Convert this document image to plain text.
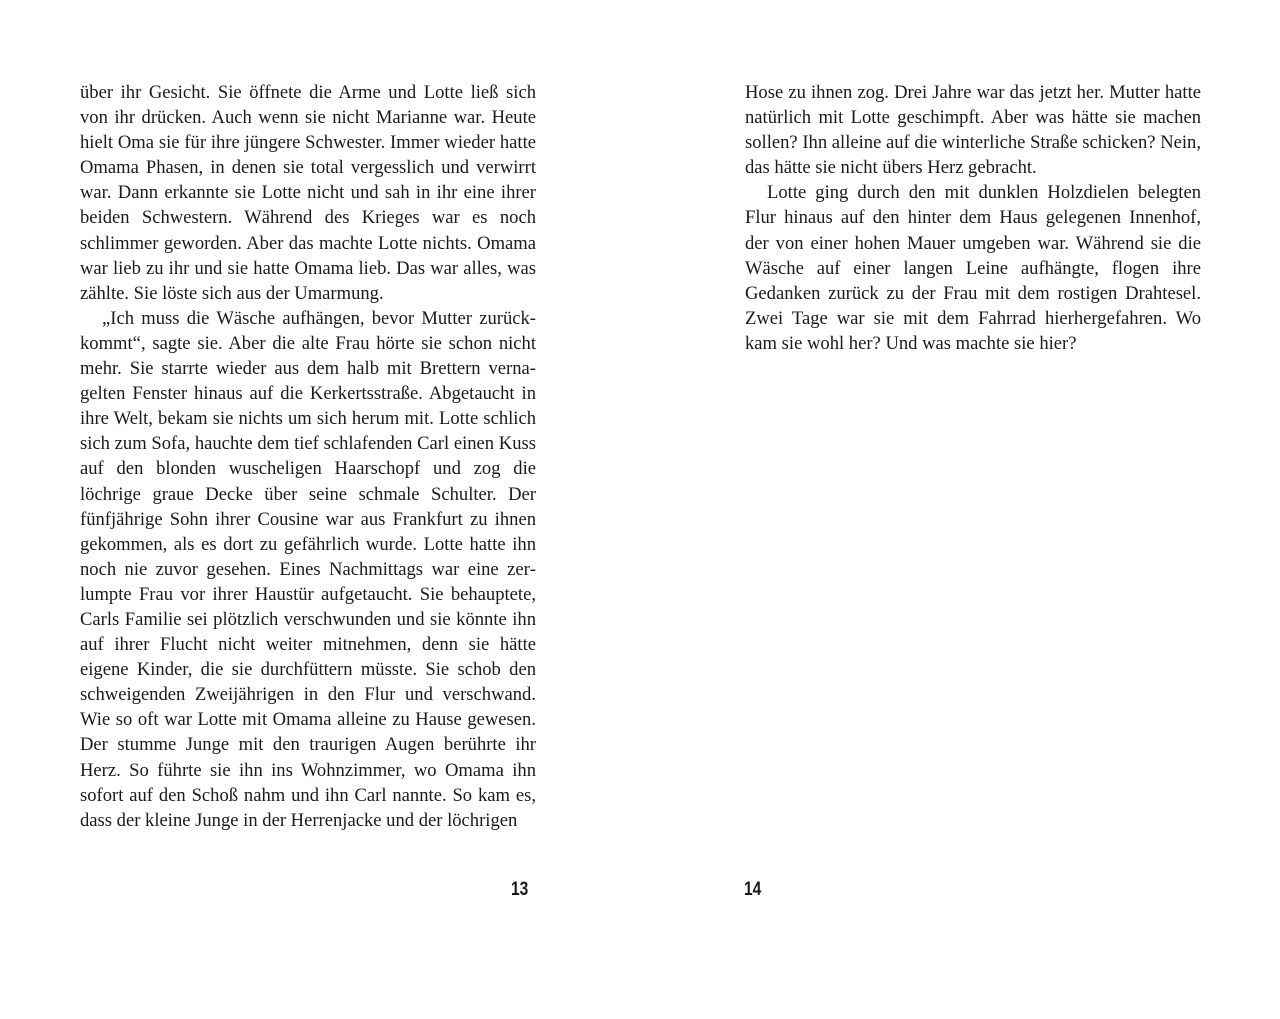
über ihr Gesicht. Sie öffnete die Arme und Lotte ließ sich von ihr drücken. Auch wenn sie nicht Marianne war. Heute hielt Oma sie für ihre jüngere Schwester. Immer wieder hatte Omama Phasen, in denen sie total vergesslich und verwirrt war. Dann erkannte sie Lotte nicht und sah in ihr eine ihrer beiden Schwestern. Während des Krieges war es noch schlimmer geworden. Aber das machte Lotte nichts. Omama war lieb zu ihr und sie hatte Omama lieb. Das war alles, was zählte. Sie löste sich aus der Umarmung.

„Ich muss die Wäsche aufhängen, bevor Mutter zurückkommt“, sagte sie. Aber die alte Frau hörte sie schon nicht mehr. Sie starrte wieder aus dem halb mit Brettern vernagelten Fenster hinaus auf die Kerkertsstraße. Abgetaucht in ihre Welt, bekam sie nichts um sich herum mit. Lotte schlich sich zum Sofa, hauchte dem tief schlafenden Carl einen Kuss auf den blonden wuscheligen Haarschopf und zog die löchrige graue Decke über seine schmale Schulter. Der fünfjährige Sohn ihrer Cousine war aus Frankfurt zu ihnen gekommen, als es dort zu gefährlich wurde. Lotte hatte ihn noch nie zuvor gesehen. Eines Nachmittags war eine zerlumpte Frau vor ihrer Haustür aufgetaucht. Sie behauptete, Carls Familie sei plötzlich verschwunden und sie könnte ihn auf ihrer Flucht nicht weiter mitnehmen, denn sie hätte eigene Kinder, die sie durchfüttern müsste. Sie schob den schweigenden Zweijährigen in den Flur und verschwand. Wie so oft war Lotte mit Omama alleine zu Hause gewesen. Der stumme Junge mit den traurigen Augen berührte ihr Herz. So führte sie ihn ins Wohnzimmer, wo Omama ihn sofort auf den Schoß nahm und ihn Carl nannte. So kam es, dass der kleine Junge in der Herrenjacke und der löchrigen

Hose zu ihnen zog. Drei Jahre war das jetzt her. Mutter hatte natürlich mit Lotte geschimpft. Aber was hätte sie machen sollen? Ihn alleine auf die winterliche Straße schicken? Nein, das hätte sie nicht übers Herz gebracht.

Lotte ging durch den mit dunklen Holzdielen belegten Flur hinaus auf den hinter dem Haus gelegenen Innenhof, der von einer hohen Mauer umgeben war. Während sie die Wäsche auf einer langen Leine aufhängte, flogen ihre Gedanken zurück zu der Frau mit dem rostigen Drahtesel. Zwei Tage war sie mit dem Fahrrad hierhergefahren. Wo kam sie wohl her? Und was machte sie hier?

13	14
